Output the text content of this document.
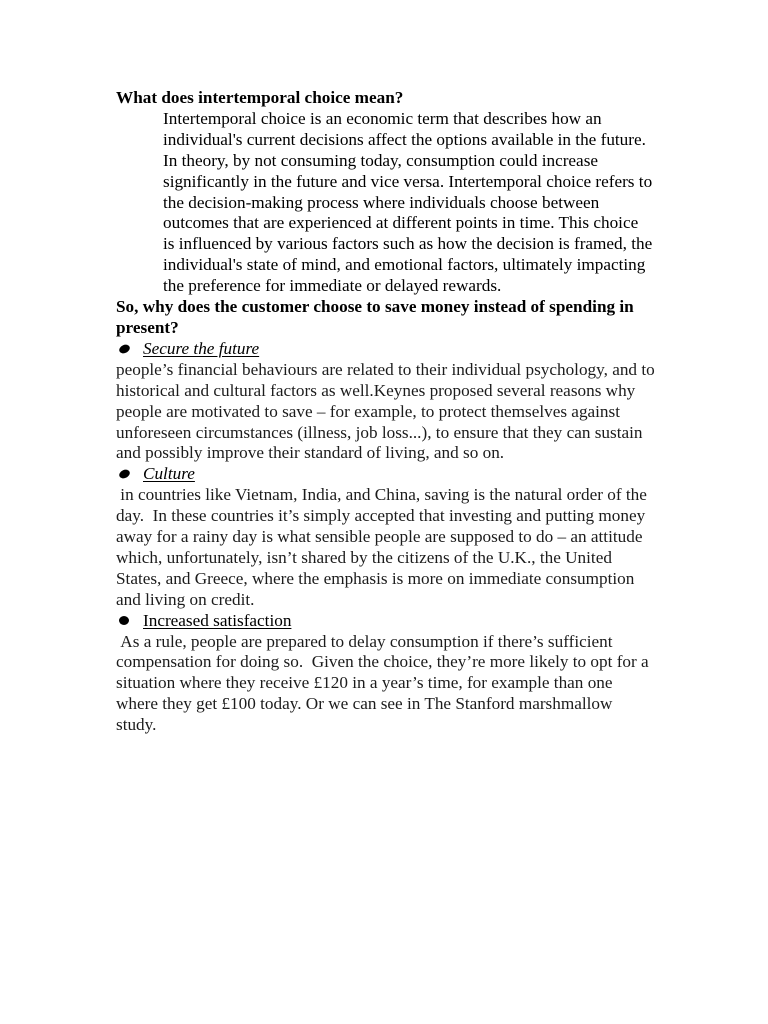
What does intertemporal choice mean?

Intertemporal choice is an economic term that describes how an individual's current decisions affect the options available in the future. In theory, by not consuming today, consumption could increase significantly in the future and vice versa. Intertemporal choice refers to the decision-making process where individuals choose between outcomes that are experienced at different points in time. This choice is influenced by various factors such as how the decision is framed, the individual's state of mind, and emotional factors, ultimately impacting the preference for immediate or delayed rewards.

So, why does the customer choose to save money instead of spending in present?

Secure the future

people’s financial behaviours are related to their individual psychology, and to historical and cultural factors as well.Keynes proposed several reasons why people are motivated to save – for example, to protect themselves against unforeseen circumstances (illness, job loss...), to ensure that they can sustain and possibly improve their standard of living, and so on.

Culture

in countries like Vietnam, India, and China, saving is the natural order of the day.  In these countries it’s simply accepted that investing and putting money away for a rainy day is what sensible people are supposed to do – an attitude which, unfortunately, isn’t shared by the citizens of the U.K., the United States, and Greece, where the emphasis is more on immediate consumption and living on credit.

Increased satisfaction

As a rule, people are prepared to delay consumption if there’s sufficient compensation for doing so.  Given the choice, they’re more likely to opt for a situation where they receive £120 in a year’s time, for example than one where they get £100 today. Or we can see in The Stanford marshmallow study.
